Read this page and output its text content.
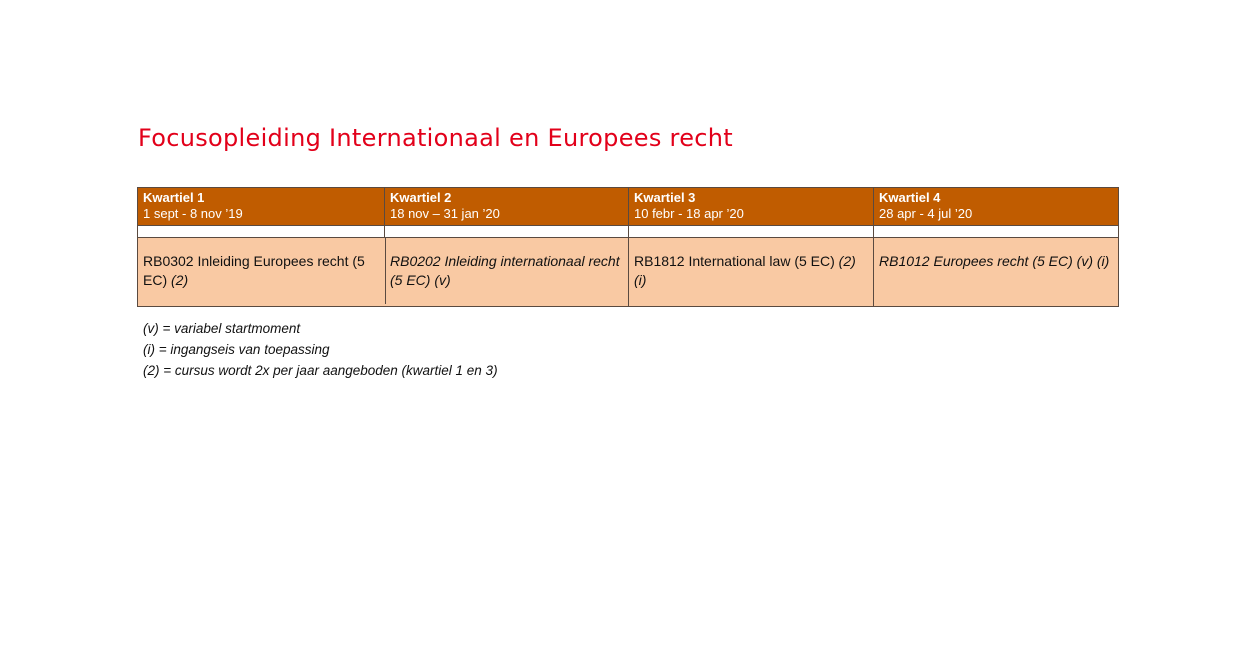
Focusopleiding Internationaal en Europees recht
Kwartiel 1
1 sept - 8 nov ’19
Kwartiel 2
18 nov – 31 jan ’20
Kwartiel 3
10 febr - 18 apr ’20
Kwartiel 4
28 apr - 4 jul ’20
RB0302 Inleiding Europees recht (5 EC) (2)
RB0202 Inleiding internationaal recht (5 EC) (v)
RB1812 International law (5 EC) (2) (i)
RB1012 Europees recht (5 EC) (v) (i)
(v) = variabel startmoment
(i) = ingangseis van toepassing
(2) = cursus wordt 2x per jaar aangeboden (kwartiel 1 en 3)
